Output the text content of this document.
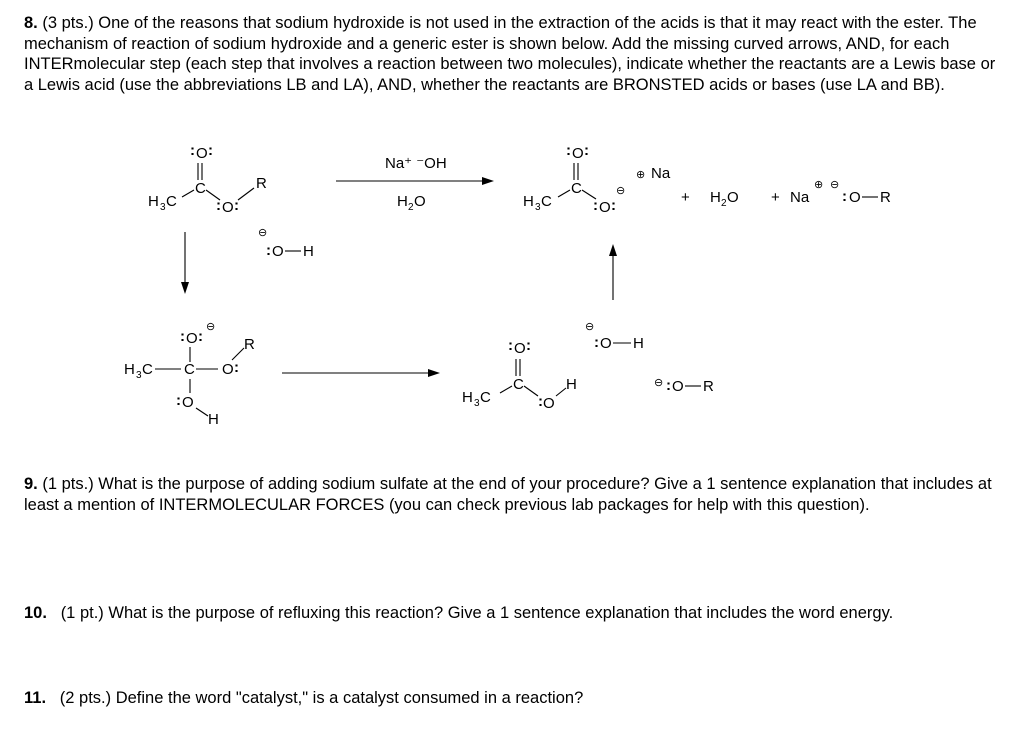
8. (3 pts.) One of the reasons that sodium hydroxide is not used in the extraction of the acids is that it may react with the ester. The mechanism of reaction of sodium hydroxide and a generic ester is shown below. Add the missing curved arrows, AND, for each INTERmolecular step (each step that involves a reaction between two molecules), indicate whether the reactants are a Lewis base or a Lewis acid (use the abbreviations LB and LA), AND, whether the reactants are BRONSTED acids or bases (use LA and BB).

: O :
C
H 3 C	: O :
R
⊖
: O H
Na⁺ ⁻OH
H 2 O
: O :
C
H 3 C	: O :
⊖
⊕ Na
+ H 2 O + Na
⊕ ⊖
: O R
: O :
⊖
H 3 C C O :
R
: O
H
: O :
C
H 3 C	: O
H
⊖
: O H
⊖ : O R

9. (1 pts.) What is the purpose of adding sodium sulfate at the end of your procedure? Give a 1 sentence explanation that includes at least a mention of INTERMOLECULAR FORCES (you can check previous lab packages for help with this question).

10.   (1 pt.) What is the purpose of refluxing this reaction? Give a 1 sentence explanation that includes the word energy.

11.   (2 pts.) Define the word "catalyst," is a catalyst consumed in a reaction?
